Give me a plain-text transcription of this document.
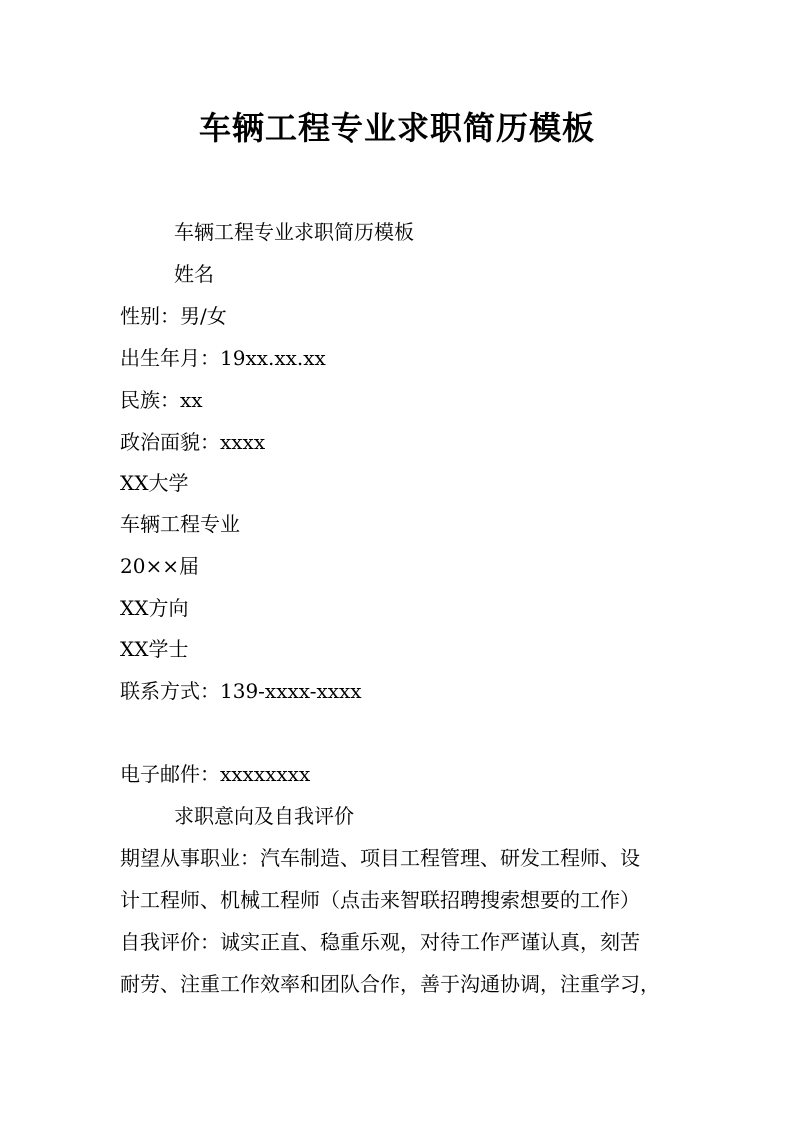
车辆工程专业求职简历模板
车辆工程专业求职简历模板
姓名
性别：男/女
出生年月：19xx.xx.xx
民族：xx
政治面貌：xxxx
XX大学
车辆工程专业
20××届
XX方向
XX学士
联系方式：139-xxxx-xxxx
电子邮件：xxxxxxxx
求职意向及自我评价
期望从事职业：汽车制造、项目工程管理、研发工程师、设
计工程师、机械工程师（点击来智联招聘搜索想要的工作）
自我评价：诚实正直、稳重乐观，对待工作严谨认真，刻苦
耐劳、注重工作效率和团队合作，善于沟通协调，注重学习，
